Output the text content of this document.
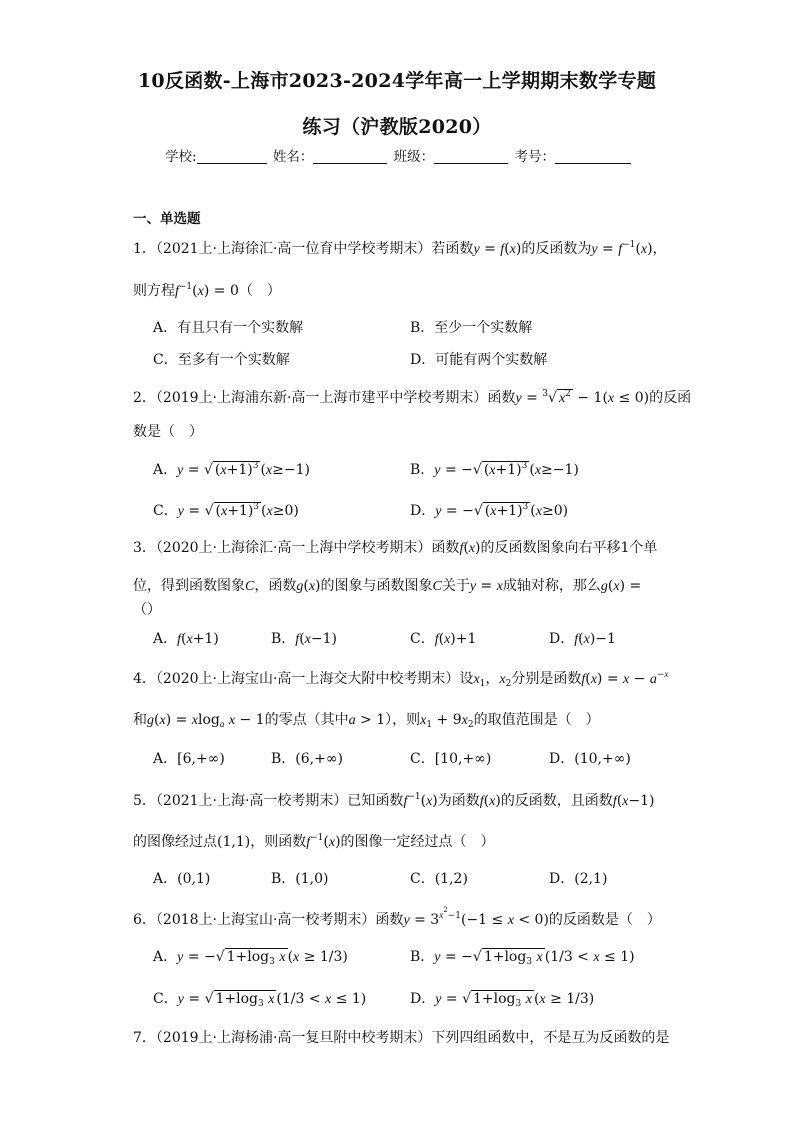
10反函数-上海市2023-2024学年高一上学期期末数学专题
练习（沪教版2020）
学校:	姓名：	班级：	考号：
一、单选题
1．（2021上·上海徐汇·高一位育中学校考期末）若函数y = f(x)的反函数为$y = f^{-1}(x)$，
则方程$f^{-1}(x) = 0$（　）
A．有且只有一个实数解	B．至少一个实数解
C．至多有一个实数解	D．可能有两个实数解
2．（2019上·上海浦东新·高一上海市建平中学校考期末）函数y = $^3$√ $x^2 - 1(x \le 0)$的反函
数是（　）
A．y = √ $(x+1)^3$ (x≥−1)	B．y = −√ $(x+1)^3$ (x≥−1)
C．y = √ $(x+1)^3$ (x≥0)	D．y = −√ $(x+1)^3$ (x≥0)
3．（2020上·上海徐汇·高一上海中学校考期末）函数f(x)的反函数图象向右平移1个单
位，得到函数图象C，函数g(x)的图象与函数图象C关于y = x成轴对称，那么g(x) =
（）
A．f(x+1)	B．f(x−1)	C．f(x)+1	D．f(x)−1
4．（2020上·上海宝山·高一上海交大附中校考期末）设$x_1$，$x_2$分别是函数$f(x) = x - a^{-x}$
和g(x) = xlog$_a$ x − 1的零点（其中a > 1），则$x_1 + 9x_2$的取值范围是（　）
A．[6,+∞)	B．(6,+∞)	C．[10,+∞)	D．(10,+∞)
5．（2021上·上海·高一校考期末）已知函数$f^{-1}(x)$为函数f(x)的反函数，且函数f(x−1)
的图像经过点(1,1)，则函数$f^{-1}(x)$的图像一定经过点（　）
A．(0,1)	B．(1,0)	C．(1,2)	D．(2,1)
6．（2018上·上海宝山·高一校考期末）函数$y = 3^{x^2-1}(-1 \le x < 0)$的反函数是（　）
A．y = −√ $1+\log_3$ x (x ≥ 1/3)	B．y = −√ $1+\log_3$ x (1/3 < x ≤ 1)
C．y = √ $1+\log_3$ x (1/3 < x ≤ 1)	D．y = √ $1+\log_3$ x (x ≥ 1/3)
7．（2019上·上海杨浦·高一复旦附中校考期末）下列四组函数中，不是互为反函数的是
